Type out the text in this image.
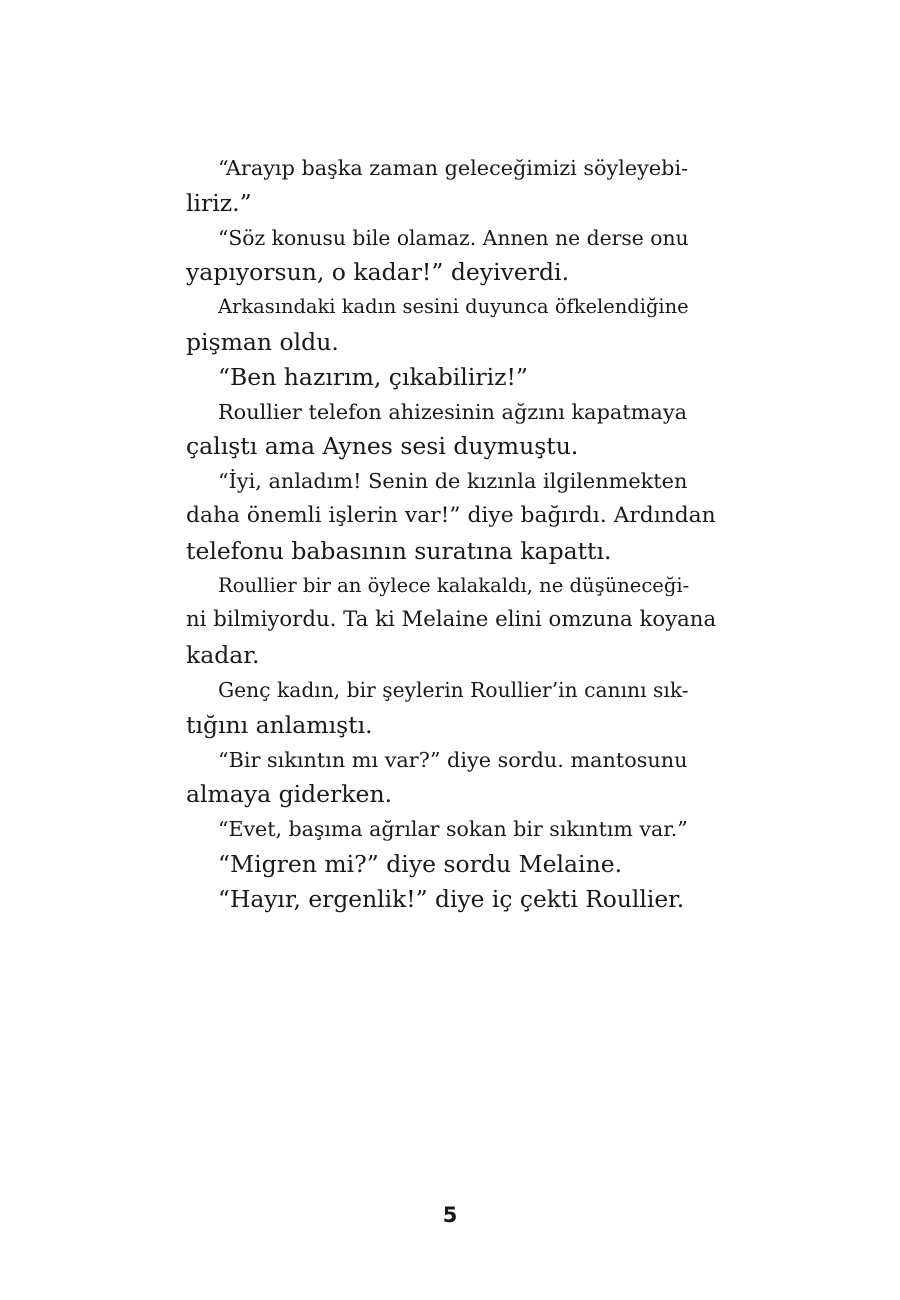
“Arayıp başka zaman geleceğimizi söyleyebi-
liriz.”

“Söz konusu bile olamaz. Annen ne derse onu
yapıyorsun, o kadar!” deyiverdi.

Arkasındaki kadın sesini duyunca öfkelendiğine
pişman oldu.

“Ben hazırım, çıkabiliriz!”

Roullier telefon ahizesinin ağzını kapatmaya
çalıştı ama Aynes sesi duymuştu.

“İyi, anladım! Senin de kızınla ilgilenmekten
daha önemli işlerin var!” diye bağırdı. Ardından
telefonu babasının suratına kapattı.

Roullier bir an öylece kalakaldı, ne düşüneceği-
ni bilmiyordu. Ta ki Melaine elini omzuna koyana
kadar.

Genç kadın, bir şeylerin Roullier’in canını sık-
tığını anlamıştı.

“Bir sıkıntın mı var?” diye sordu. mantosunu
almaya giderken.

“Evet, başıma ağrılar sokan bir sıkıntım var.”

“Migren mi?” diye sordu Melaine.

“Hayır, ergenlik!” diye iç çekti Roullier.

5
